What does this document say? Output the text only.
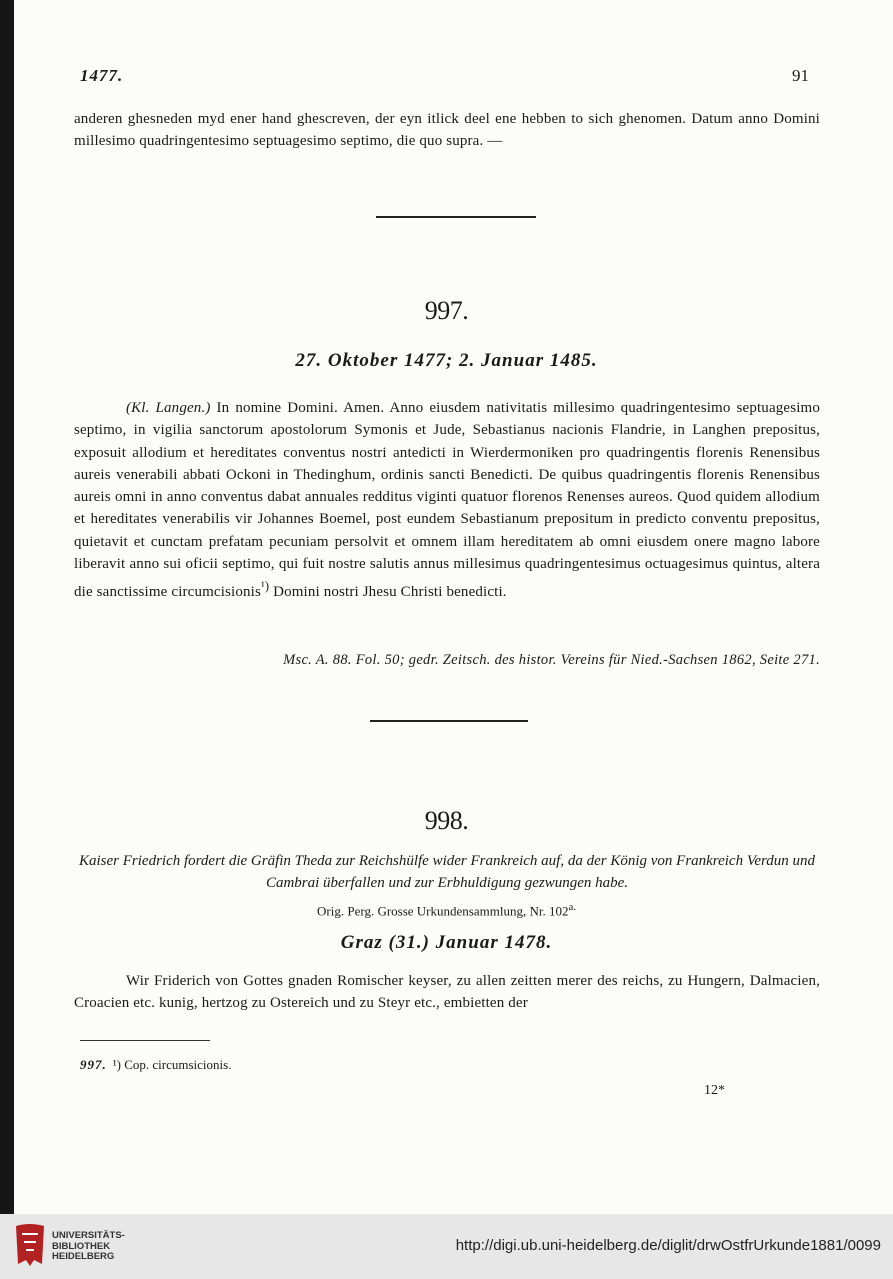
1477.	91

anderen ghesneden myd ener hand ghescreven, der eyn itlick deel ene hebben to sich ghenomen. Datum anno Domini millesimo quadringentesimo septuagesimo septimo, die quo supra. —

997.
27. Oktober 1477; 2. Januar 1485.

(Kl. Langen.) In nomine Domini. Amen. Anno eiusdem nativitatis millesimo quadringentesimo septuagesimo septimo, in vigilia sanctorum apostolorum Symonis et Jude, Sebastianus nacionis Flandrie, in Langhen prepositus, exposuit allodium et hereditates conventus nostri antedicti in Wierdermoniken pro quadringentis florenis Renensibus aureis venerabili abbati Ockoni in Thedinghum, ordinis sancti Benedicti. De quibus quadringentis florenis Renensibus aureis omni in anno conventus dabat annuales redditus viginti quatuor florenos Renenses aureos. Quod quidem allodium et hereditates venerabilis vir Johannes Boemel, post eundem Sebastianum prepositum in predicto conventu prepositus, quietavit et cunctam prefatam pecuniam persolvit et omnem illam hereditatem ab omni eiusdem onere magno labore liberavit anno sui oficii septimo, qui fuit nostre salutis annus millesimus quadringentesimus octuagesimus quintus, altera die sanctissime circumcisionis$^{^1)}$ Domini nostri Jhesu Christi benedicti.

Msc. A. 88. Fol. 50; gedr. Zeitsch. des histor. Vereins für Nied.-Sachsen 1862, Seite 271.
998.
Kaiser Friedrich fordert die Gräfin Theda zur Reichshülfe wider Frankreich auf, da der König von Frankreich Verdun und Cambrai überfallen und zur Erbhuldigung gezwungen habe.
Orig. Perg. Grosse Urkundensammlung, Nr. $102^{a.}$
Graz (31.) Januar 1478.

Wir Friderich von Gottes gnaden Romischer keyser, zu allen zeitten merer des reichs, zu Hungern, Dalmacien, Croacien etc. kunig, hertzog zu Ostereich und zu Steyr etc., embietten der

997. ¹) Cop. circumsicionis.
12*
UNIVERSITÄTS-
BIBLIOTHEK
HEIDELBERG
http://digi.ub.uni-heidelberg.de/diglit/drwOstfrUrkunde1881/0099
